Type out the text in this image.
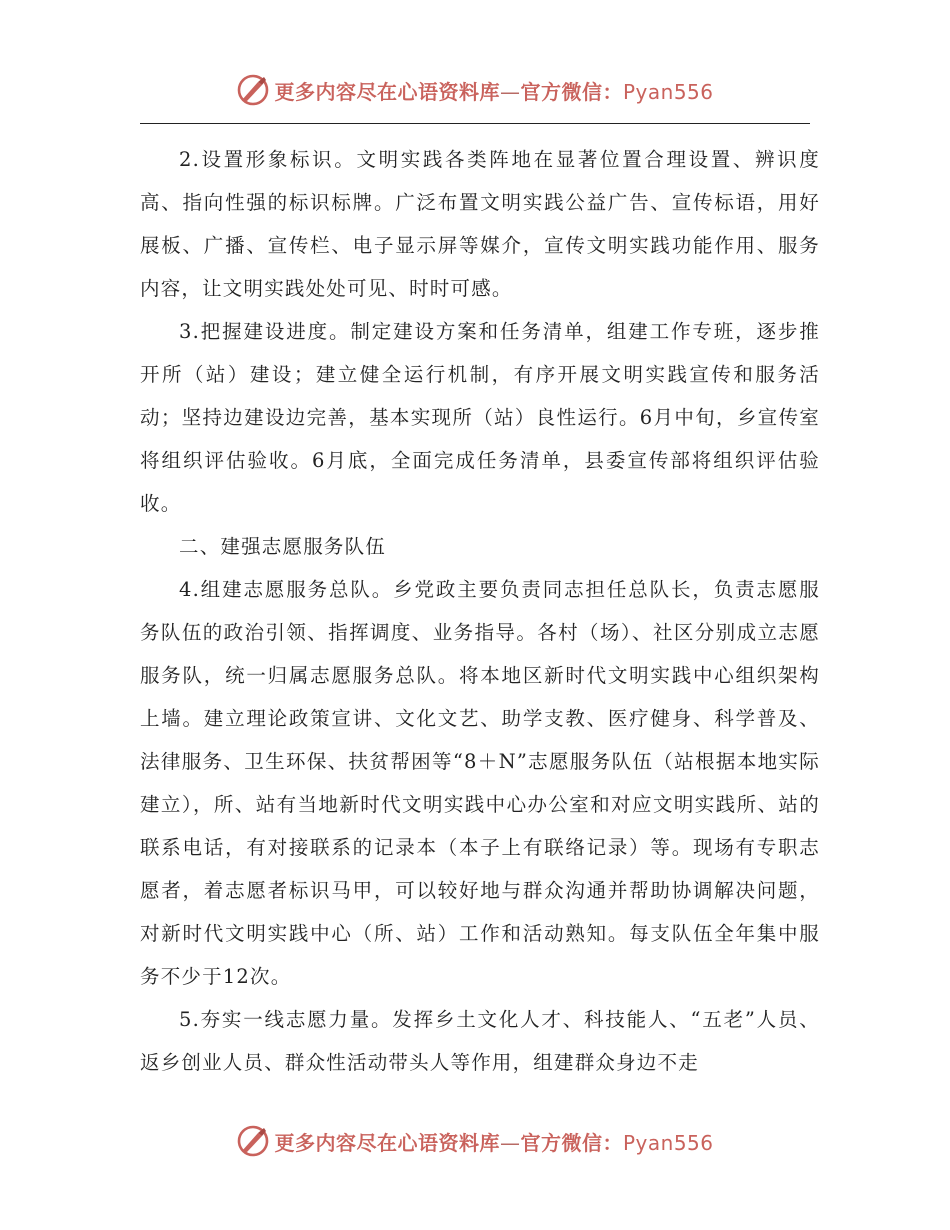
更多内容尽在心语资料库—官方微信：Pyan556

2.设置形象标识。文明实践各类阵地在显著位置合理设置、辨识度高、指向性强的标识标牌。广泛布置文明实践公益广告、宣传标语，用好展板、广播、宣传栏、电子显示屏等媒介，宣传文明实践功能作用、服务内容，让文明实践处处可见、时时可感。

3.把握建设进度。制定建设方案和任务清单，组建工作专班，逐步推开所（站）建设；建立健全运行机制，有序开展文明实践宣传和服务活动；坚持边建设边完善，基本实现所（站）良性运行。6月中旬，乡宣传室将组织评估验收。6月底，全面完成任务清单，县委宣传部将组织评估验收。

二、建强志愿服务队伍

4.组建志愿服务总队。乡党政主要负责同志担任总队长，负责志愿服务队伍的政治引领、指挥调度、业务指导。各村（场）、社区分别成立志愿服务队，统一归属志愿服务总队。将本地区新时代文明实践中心组织架构上墙。建立理论政策宣讲、文化文艺、助学支教、医疗健身、科学普及、法律服务、卫生环保、扶贫帮困等“8＋N”志愿服务队伍（站根据本地实际建立），所、站有当地新时代文明实践中心办公室和对应文明实践所、站的联系电话，有对接联系的记录本（本子上有联络记录）等。现场有专职志愿者，着志愿者标识马甲，可以较好地与群众沟通并帮助协调解决问题，对新时代文明实践中心（所、站）工作和活动熟知。每支队伍全年集中服务不少于12次。

5.夯实一线志愿力量。发挥乡土文化人才、科技能人、“五老”人员、返乡创业人员、群众性活动带头人等作用，组建群众身边不走

更多内容尽在心语资料库—官方微信：Pyan556
